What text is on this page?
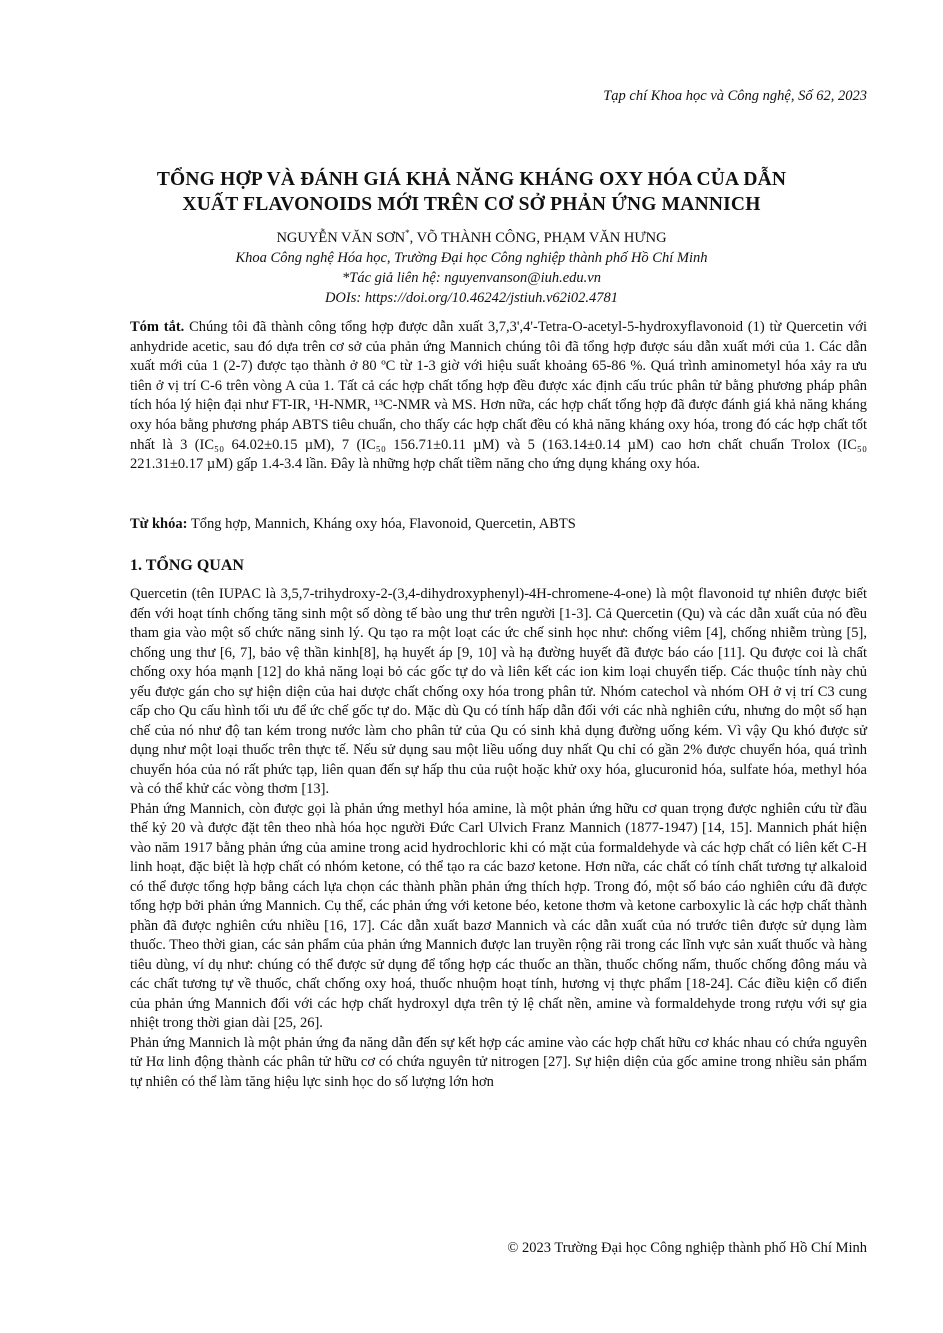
Tạp chí Khoa học và Công nghệ, Số 62, 2023
TỔNG HỢP VÀ ĐÁNH GIÁ KHẢ NĂNG KHÁNG OXY HÓA CỦA DẪN
XUẤT FLAVONOIDS MỚI TRÊN CƠ SỞ PHẢN ỨNG MANNICH
NGUYỄN VĂN SƠN*, VÕ THÀNH CÔNG, PHẠM VĂN HƯNG
Khoa Công nghệ Hóa học, Trường Đại học Công nghiệp thành phố Hồ Chí Minh
*Tác giả liên hệ: nguyenvanson@iuh.edu.vn
DOIs: https://doi.org/10.46242/jstiuh.v62i02.4781
Tóm tắt. Chúng tôi đã thành công tổng hợp được dẫn xuất 3,7,3',4'-Tetra-O-acetyl-5-hydroxyflavonoid (1) từ Quercetin với anhydride acetic, sau đó dựa trên cơ sở của phản ứng Mannich chúng tôi đã tổng hợp được sáu dẫn xuất mới của 1. Các dẫn xuất mới của 1 (2-7) được tạo thành ở 80 ºC từ 1-3 giờ với hiệu suất khoảng 65-86 %. Quá trình aminometyl hóa xảy ra ưu tiên ở vị trí C-6 trên vòng A của 1. Tất cả các hợp chất tổng hợp đều được xác định cấu trúc phân tử bằng phương pháp phân tích hóa lý hiện đại như FT-IR, ¹H-NMR, ¹³C-NMR và MS. Hơn nữa, các hợp chất tổng hợp đã được đánh giá khả năng kháng oxy hóa bằng phương pháp ABTS tiêu chuẩn, cho thấy các hợp chất đều có khả năng kháng oxy hóa, trong đó các hợp chất tốt nhất là 3 (IC₅₀ 64.02±0.15 µM), 7 (IC₅₀ 156.71±0.11 µM) và 5 (163.14±0.14 µM) cao hơn chất chuẩn Trolox (IC₅₀ 221.31±0.17 µM) gấp 1.4-3.4 lần. Đây là những hợp chất tiềm năng cho ứng dụng kháng oxy hóa.
Từ khóa: Tổng hợp, Mannich, Kháng oxy hóa, Flavonoid, Quercetin, ABTS
1. TỔNG QUAN

Quercetin (tên IUPAC là 3,5,7-trihydroxy-2-(3,4-dihydroxyphenyl)-4H-chromene-4-one) là một flavonoid tự nhiên được biết đến với hoạt tính chống tăng sinh một số dòng tế bào ung thư trên người [1-3]. Cả Quercetin (Qu) và các dẫn xuất của nó đều tham gia vào một số chức năng sinh lý. Qu tạo ra một loạt các ức chế sinh học như: chống viêm [4], chống nhiễm trùng [5], chống ung thư [6, 7], bảo vệ thần kinh[8], hạ huyết áp [9, 10] và hạ đường huyết đã được báo cáo [11]. Qu được coi là chất chống oxy hóa mạnh [12] do khả năng loại bỏ các gốc tự do và liên kết các ion kim loại chuyển tiếp. Các thuộc tính này chủ yếu được gán cho sự hiện diện của hai dược chất chống oxy hóa trong phân tử. Nhóm catechol và nhóm OH ở vị trí C3 cung cấp cho Qu cấu hình tối ưu để ức chế gốc tự do. Mặc dù Qu có tính hấp dẫn đối với các nhà nghiên cứu, nhưng do một số hạn chế của nó như độ tan kém trong nước làm cho phân tử của Qu có sinh khả dụng đường uống kém. Vì vậy Qu khó được sử dụng như một loại thuốc trên thực tế. Nếu sử dụng sau một liều uống duy nhất Qu chỉ có gần 2% được chuyển hóa, quá trình chuyển hóa của nó rất phức tạp, liên quan đến sự hấp thu của ruột hoặc khử oxy hóa, glucuronid hóa, sulfate hóa, methyl hóa và có thể khử các vòng thơm [13].

Phản ứng Mannich, còn được gọi là phản ứng methyl hóa amine, là một phản ứng hữu cơ quan trọng được nghiên cứu từ đầu thế kỷ 20 và được đặt tên theo nhà hóa học người Đức Carl Ulvich Franz Mannich (1877-1947) [14, 15]. Mannich phát hiện vào năm 1917 bằng phản ứng của amine trong acid hydrochloric khi có mặt của formaldehyde và các hợp chất có liên kết C-H linh hoạt, đặc biệt là hợp chất có nhóm ketone, có thể tạo ra các bazơ ketone. Hơn nữa, các chất có tính chất tương tự alkaloid có thể được tổng hợp bằng cách lựa chọn các thành phần phản ứng thích hợp. Trong đó, một số báo cáo nghiên cứu đã được tổng hợp bởi phản ứng Mannich. Cụ thể, các phản ứng với ketone béo, ketone thơm và ketone carboxylic là các hợp chất thành phần đã được nghiên cứu nhiều [16, 17]. Các dẫn xuất bazơ Mannich và các dẫn xuất của nó trước tiên được sử dụng làm thuốc. Theo thời gian, các sản phẩm của phản ứng Mannich được lan truyền rộng rãi trong các lĩnh vực sản xuất thuốc và hàng tiêu dùng, ví dụ như: chúng có thể được sử dụng để tổng hợp các thuốc an thần, thuốc chống nấm, thuốc chống đông máu và các chất tương tự về thuốc, chất chống oxy hoá, thuốc nhuộm hoạt tính, hương vị thực phẩm [18-24]. Các điều kiện cổ điển của phản ứng Mannich đối với các hợp chất hydroxyl dựa trên tỷ lệ chất nền, amine và formaldehyde trong rượu với sự gia nhiệt trong thời gian dài [25, 26].

Phản ứng Mannich là một phản ứng đa năng dẫn đến sự kết hợp các amine vào các hợp chất hữu cơ khác nhau có chứa nguyên tử Hα linh động thành các phân tử hữu cơ có chứa nguyên tử nitrogen [27]. Sự hiện diện của gốc amine trong nhiều sản phẩm tự nhiên có thể làm tăng hiệu lực sinh học do số lượng lớn hơn

© 2023 Trường Đại học Công nghiệp thành phố Hồ Chí Minh
